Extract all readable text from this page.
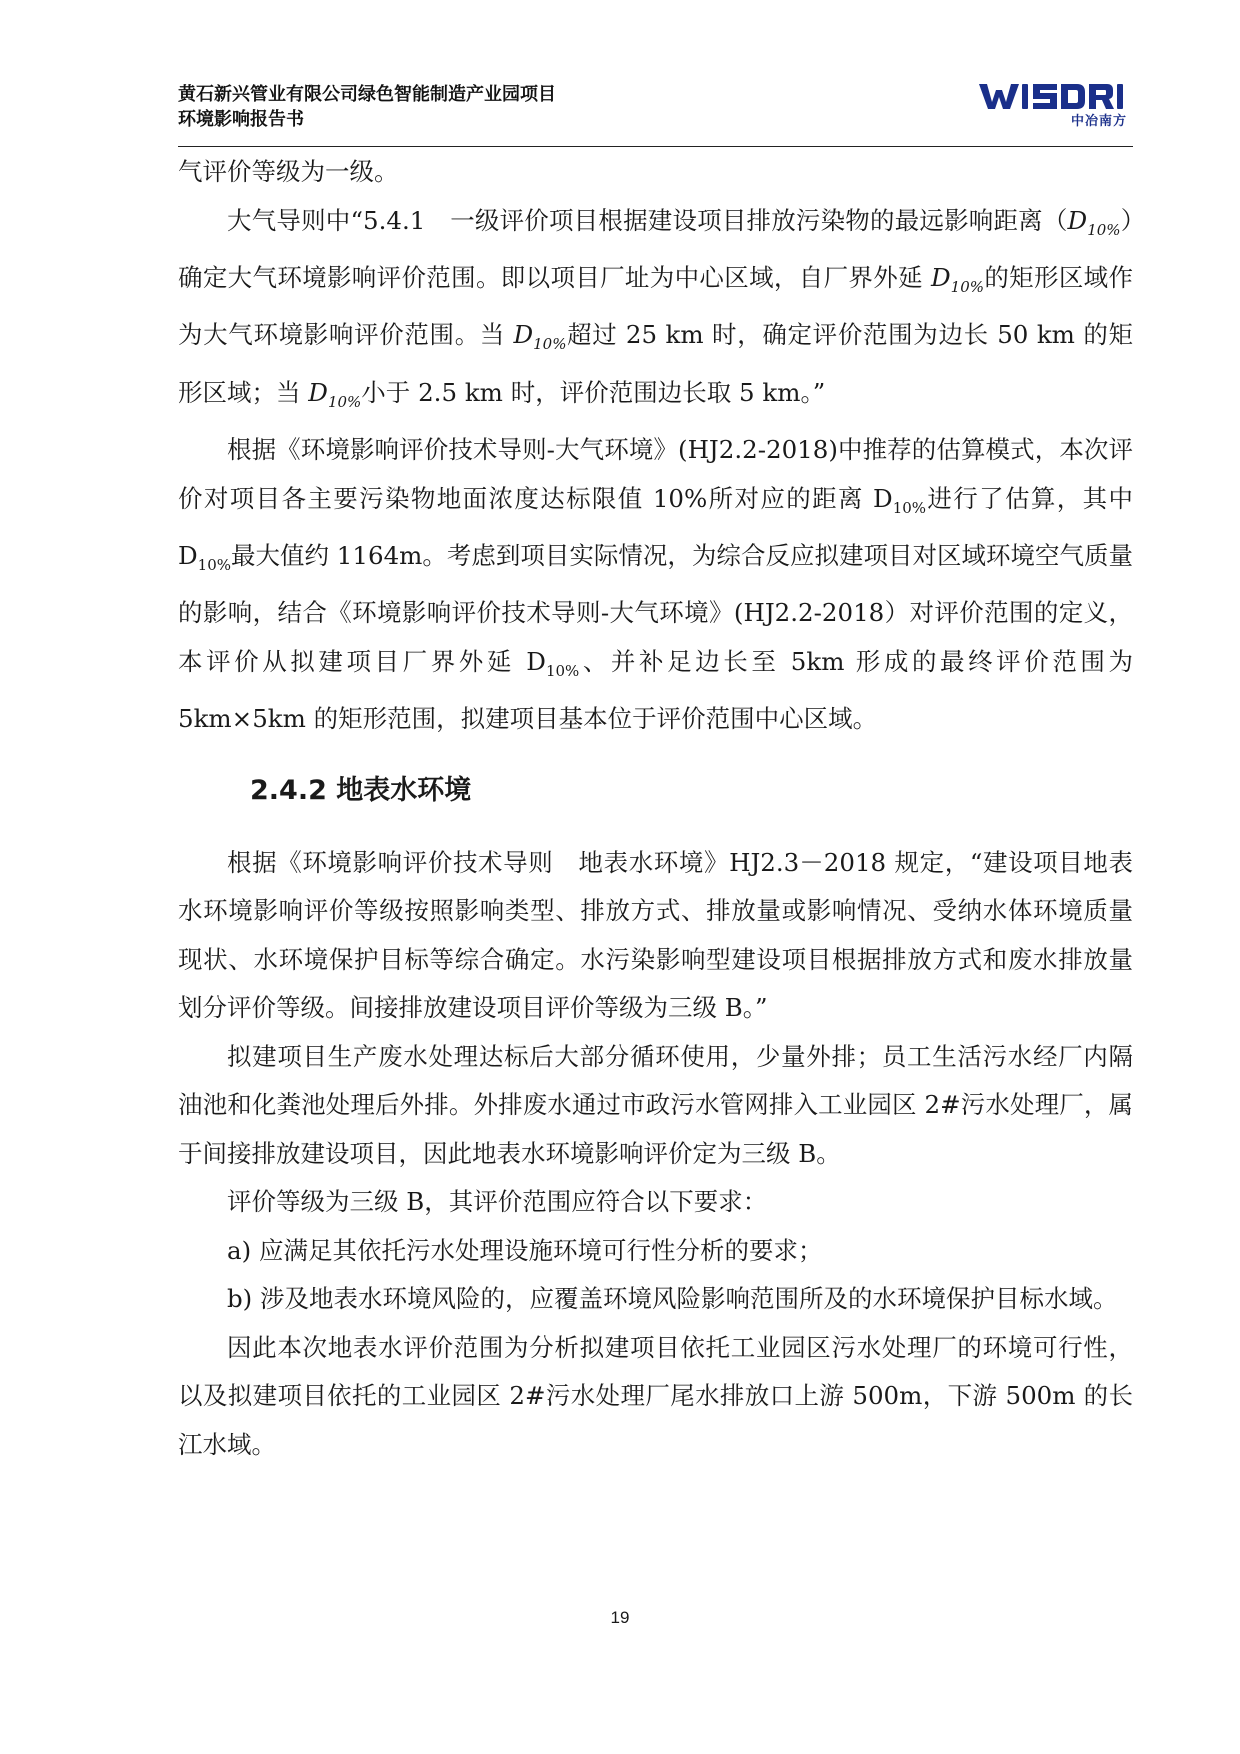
黄石新兴管业有限公司绿色智能制造产业园项目
环境影响报告书	中冶南方

气评价等级为一级。

大气导则中“5.4.1　一级评价项目根据建设项目排放污染物的最远影响距离$(D_{10\%})$确定大气环境影响评价范围。即以项目厂址为中心区域，自厂界外延 $D_{10\%}$的矩形区域作为大气环境影响评价范围。当 $D_{10\%}$超过 25 km 时，确定评价范围为边长 50 km 的矩形区域；当 $D_{10\%}$小于 2.5 km 时，评价范围边长取 5 km。”

根据《环境影响评价技术导则-大气环境》(HJ2.2-2018)中推荐的估算模式，本次评价对项目各主要污染物地面浓度达标限值 10%所对应的距离 $D_{10\%}$进行了估算，其中 $D_{10\%}$最大值约 1164m。考虑到项目实际情况，为综合反应拟建项目对区域环境空气质量的影响，结合《环境影响评价技术导则-大气环境》(HJ2.2-2018）对评价范围的定义，本评价从拟建项目厂界外延 $D_{10\%}$、并补足边长至 5km 形成的最终评价范围为 5km×5km 的矩形范围，拟建项目基本位于评价范围中心区域。

2.4.2 地表水环境

根据《环境影响评价技术导则　地表水环境》HJ2.3－2018 规定，“建设项目地表水环境影响评价等级按照影响类型、排放方式、排放量或影响情况、受纳水体环境质量现状、水环境保护目标等综合确定。水污染影响型建设项目根据排放方式和废水排放量划分评价等级。间接排放建设项目评价等级为三级 B。”

拟建项目生产废水处理达标后大部分循环使用，少量外排；员工生活污水经厂内隔油池和化粪池处理后外排。外排废水通过市政污水管网排入工业园区 2#污水处理厂，属于间接排放建设项目，因此地表水环境影响评价定为三级 B。

评价等级为三级 B，其评价范围应符合以下要求：

a) 应满足其依托污水处理设施环境可行性分析的要求；

b) 涉及地表水环境风险的，应覆盖环境风险影响范围所及的水环境保护目标水域。

因此本次地表水评价范围为分析拟建项目依托工业园区污水处理厂的环境可行性，以及拟建项目依托的工业园区 2#污水处理厂尾水排放口上游 500m，下游 500m 的长江水域。

19
